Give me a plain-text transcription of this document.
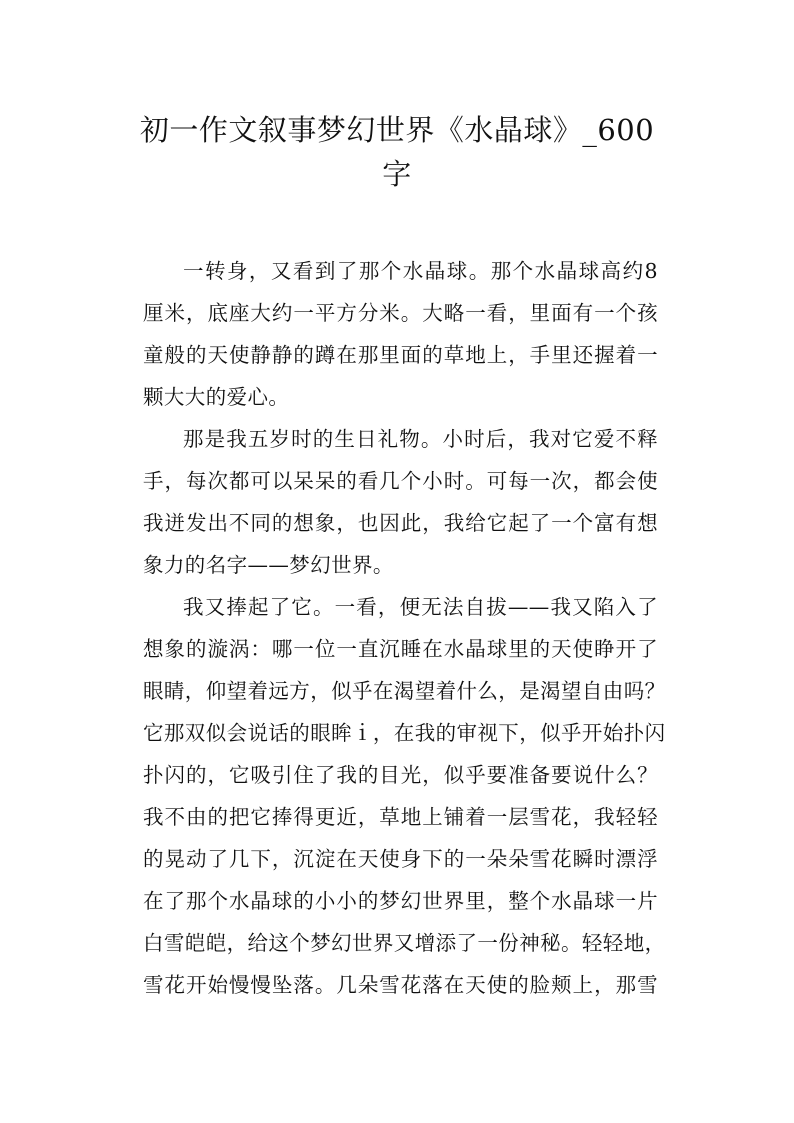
初一作文叙事梦幻世界《水晶球》_600
字
一转身，又看到了那个水晶球。那个水晶球高约8
厘米，底座大约一平方分米。大略一看，里面有一个孩
童般的天使静静的蹲在那里面的草地上，手里还握着一
颗大大的爱心。
那是我五岁时的生日礼物。小时后，我对它爱不释
手，每次都可以呆呆的看几个小时。可每一次，都会使
我迸发出不同的想象，也因此，我给它起了一个富有想
象力的名字——梦幻世界。
我又捧起了它。一看，便无法自拔——我又陷入了
想象的漩涡：哪一位一直沉睡在水晶球里的天使睁开了
眼睛，仰望着远方，似乎在渴望着什么，是渴望自由吗？
它那双似会说话的眼眸ｉ，在我的审视下，似乎开始扑闪
扑闪的，它吸引住了我的目光，似乎要准备要说什么？
我不由的把它捧得更近，草地上铺着一层雪花，我轻轻
的晃动了几下，沉淀在天使身下的一朵朵雪花瞬时漂浮
在了那个水晶球的小小的梦幻世界里，整个水晶球一片
白雪皑皑，给这个梦幻世界又增添了一份神秘。轻轻地，
雪花开始慢慢坠落。几朵雪花落在天使的脸颊上，那雪
